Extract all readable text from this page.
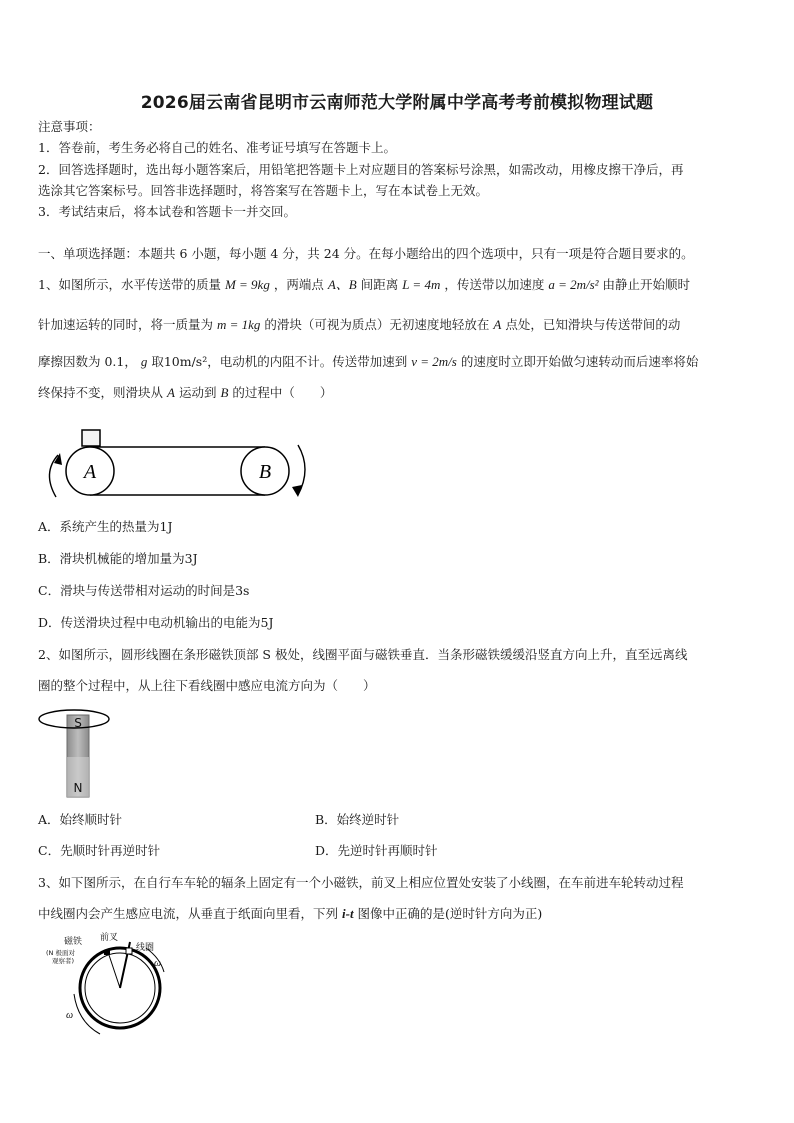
2026届云南省昆明市云南师范大学附属中学高考考前模拟物理试题
注意事项：
1．答卷前，考生务必将自己的姓名、准考证号填写在答题卡上。
2．回答选择题时，选出每小题答案后，用铅笔把答题卡上对应题目的答案标号涂黑，如需改动，用橡皮擦干净后，再
选涂其它答案标号。回答非选择题时，将答案写在答题卡上，写在本试卷上无效。
3．考试结束后，将本试卷和答题卡一并交回。
一、单项选择题：本题共 6 小题，每小题 4 分，共 24 分。在每小题给出的四个选项中，只有一项是符合题目要求的。
1、如图所示，水平传送带的质量 M = 9kg ，两端点 A、B 间距离 L = 4m ，传送带以加速度 a = 2m/s² 由静止开始顺时
针加速运转的同时，将一质量为 m = 1kg 的滑块（可视为质点）无初速度地轻放在 A 点处，已知滑块与传送带间的动
摩擦因数为 0.1， g 取10m/s²，电动机的内阻不计。传送带加速到 v = 2m/s 的速度时立即开始做匀速转动而后速率将始
终保持不变，则滑块从 A 运动到 B 的过程中（　　）
A	B
A．系统产生的热量为1J
B．滑块机械能的增加量为3J
C．滑块与传送带相对运动的时间是3s
D．传送滑块过程中电动机输出的电能为5J
2、如图所示，圆形线圈在条形磁铁顶部 S 极处，线圈平面与磁铁垂直．当条形磁铁缓缓沿竖直方向上升，直至远离线
圈的整个过程中，从上往下看线圈中感应电流方向为（　　）
S
N
A．始终顺时针	B．始终逆时针
C．先顺时针再逆时针	D．先逆时针再顺时针
3、如下图所示，在自行车车轮的辐条上固定有一个小磁铁，前叉上相应位置处安装了小线圈，在车前进车轮转动过程
中线圈内会产生感应电流，从垂直于纸面向里看，下列 i-t 图像中正确的是(逆时针方向为正)
磁铁
(N 极面对
观察者)
前叉
线圈
ω
ω
